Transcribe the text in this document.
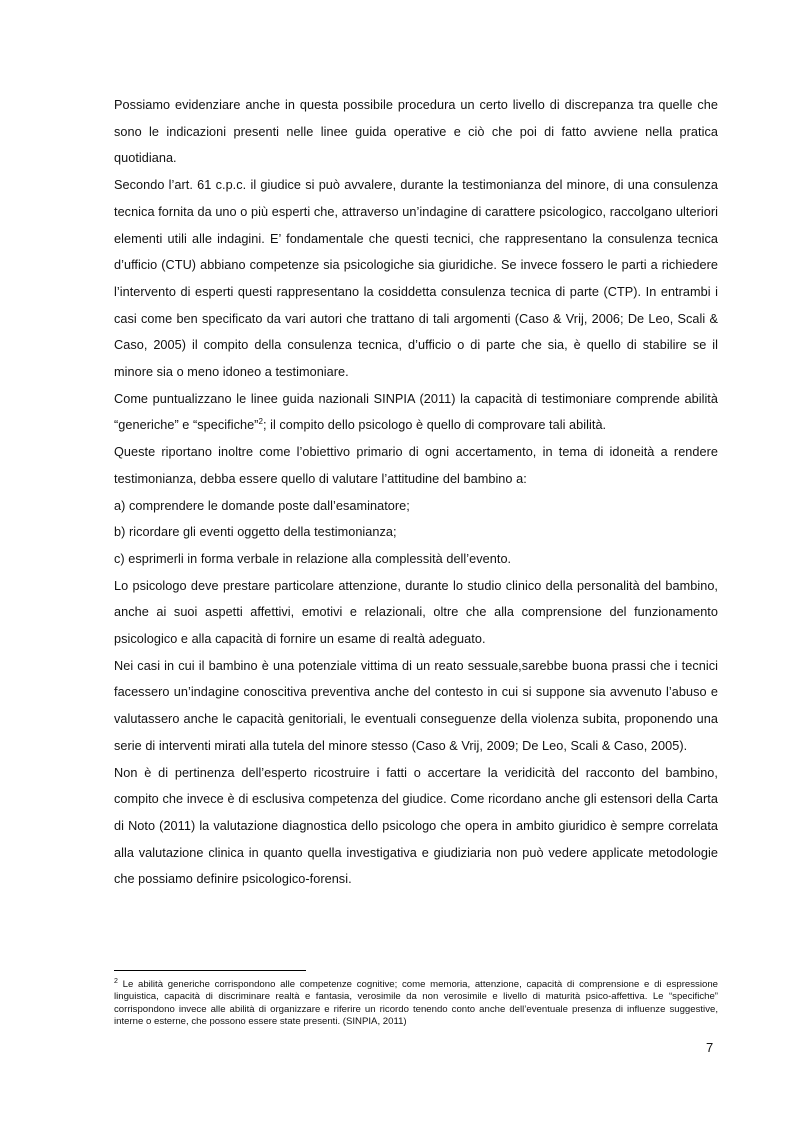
Possiamo evidenziare anche in questa possibile procedura un certo livello di discrepanza tra quelle che sono le indicazioni presenti nelle linee guida operative e ciò che poi di fatto avviene nella pratica quotidiana.

Secondo l’art. 61 c.p.c. il giudice si può avvalere, durante la testimonianza del minore, di una consulenza tecnica fornita da uno o più esperti che, attraverso un’indagine di carattere psicologico, raccolgano ulteriori elementi utili alle indagini. E’ fondamentale che questi tecnici, che rappresentano la consulenza tecnica d’ufficio (CTU) abbiano competenze sia psicologiche sia giuridiche. Se invece fossero le parti a richiedere l’intervento di esperti questi rappresentano la cosiddetta consulenza tecnica di parte (CTP). In entrambi i casi come ben specificato da vari autori che trattano di tali argomenti (Caso & Vrij, 2006; De Leo, Scali & Caso, 2005) il compito della consulenza tecnica, d’ufficio o di parte che sia, è quello di stabilire se il minore sia o meno idoneo a testimoniare.

Come puntualizzano le linee guida nazionali SINPIA (2011) la capacità di testimoniare comprende abilità “generiche” e “specifiche”$^2$; il compito dello psicologo è quello di comprovare tali abilità.

Queste riportano inoltre come l’obiettivo primario di ogni accertamento, in tema di idoneità a rendere testimonianza, debba essere quello di valutare l’attitudine del bambino a:

a) comprendere le domande poste dall’esaminatore;

b) ricordare gli eventi oggetto della testimonianza;

c) esprimerli in forma verbale in relazione alla complessità dell’evento.

Lo psicologo deve prestare particolare attenzione, durante lo studio clinico della personalità del bambino, anche ai suoi aspetti affettivi, emotivi e relazionali, oltre che alla comprensione del funzionamento psicologico e alla capacità di fornire un esame di realtà adeguato.

Nei casi in cui il bambino è una potenziale vittima di un reato sessuale,sarebbe buona prassi che i tecnici facessero un’indagine conoscitiva preventiva anche del contesto in cui si suppone sia avvenuto l’abuso e valutassero anche le capacità genitoriali, le eventuali conseguenze della violenza subita, proponendo una serie di interventi mirati alla tutela del minore stesso (Caso & Vrij, 2009; De Leo, Scali & Caso, 2005).

Non è di pertinenza dell’esperto ricostruire i fatti o accertare la veridicità del racconto del bambino, compito che invece è di esclusiva competenza del giudice. Come ricordano anche gli estensori della Carta di Noto (2011) la valutazione diagnostica dello psicologo che opera in ambito giuridico è sempre correlata alla valutazione clinica in quanto quella investigativa e giudiziaria non può vedere applicate metodologie che possiamo definire psicologico-forensi.

$^2$ Le abilità generiche corrispondono alle competenze cognitive; come memoria, attenzione, capacità di comprensione e di espressione linguistica, capacità di discriminare realtà e fantasia, verosimile da non verosimile e livello di maturità psico-affettiva. Le “specifiche” corrispondono invece alle abilità di organizzare e riferire un ricordo tenendo conto anche dell’eventuale presenza di influenze suggestive, interne o esterne, che possono essere state presenti. (SINPIA, 2011)

7
